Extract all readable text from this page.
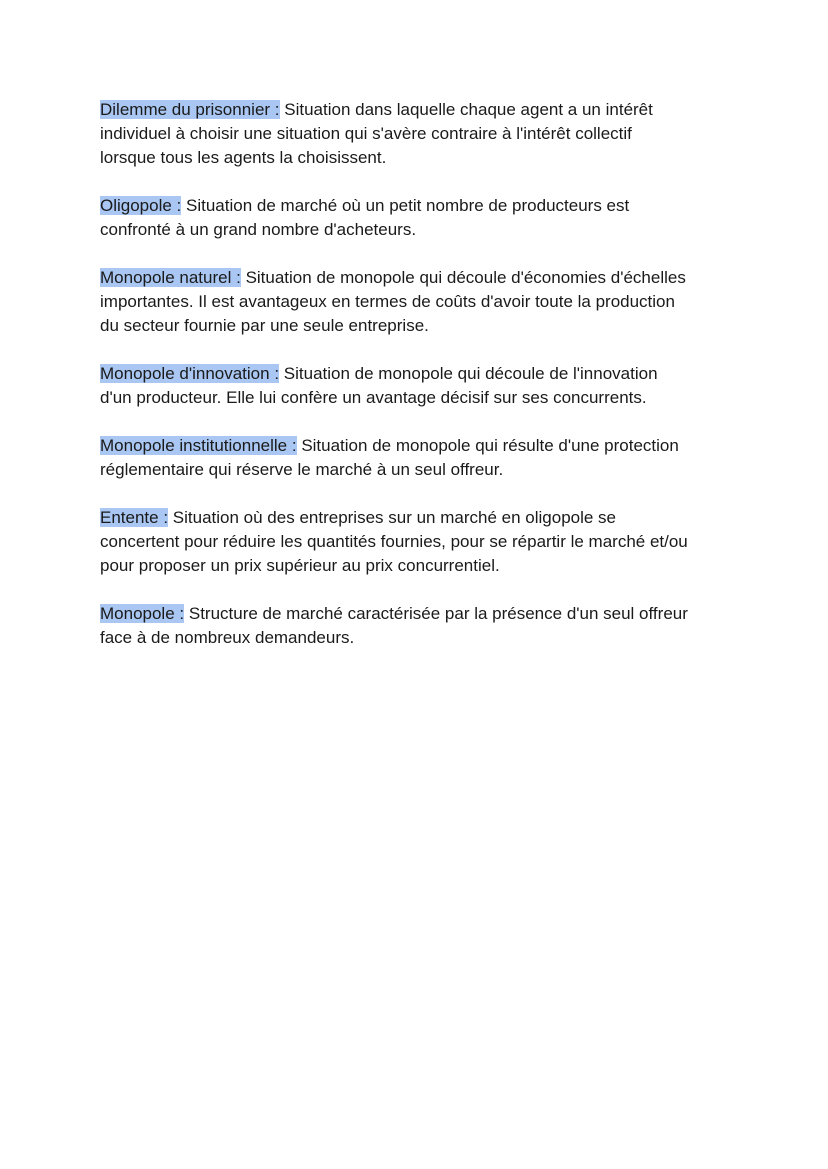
Dilemme du prisonnier : Situation dans laquelle chaque agent a un intérêt
individuel à choisir une situation qui s'avère contraire à l'intérêt collectif
lorsque tous les agents la choisissent.
Oligopole : Situation de marché où un petit nombre de producteurs est
confronté à un grand nombre d'acheteurs.
Monopole naturel : Situation de monopole qui découle d'économies d'échelles
importantes. Il est avantageux en termes de coûts d'avoir toute la production
du secteur fournie par une seule entreprise.
Monopole d'innovation : Situation de monopole qui découle de l'innovation
d'un producteur. Elle lui confère un avantage décisif sur ses concurrents.
Monopole institutionnelle : Situation de monopole qui résulte d'une protection
réglementaire qui réserve le marché à un seul offreur.
Entente : Situation où des entreprises sur un marché en oligopole se
concertent pour réduire les quantités fournies, pour se répartir le marché et/ou
pour proposer un prix supérieur au prix concurrentiel.
Monopole : Structure de marché caractérisée par la présence d'un seul offreur
face à de nombreux demandeurs.
